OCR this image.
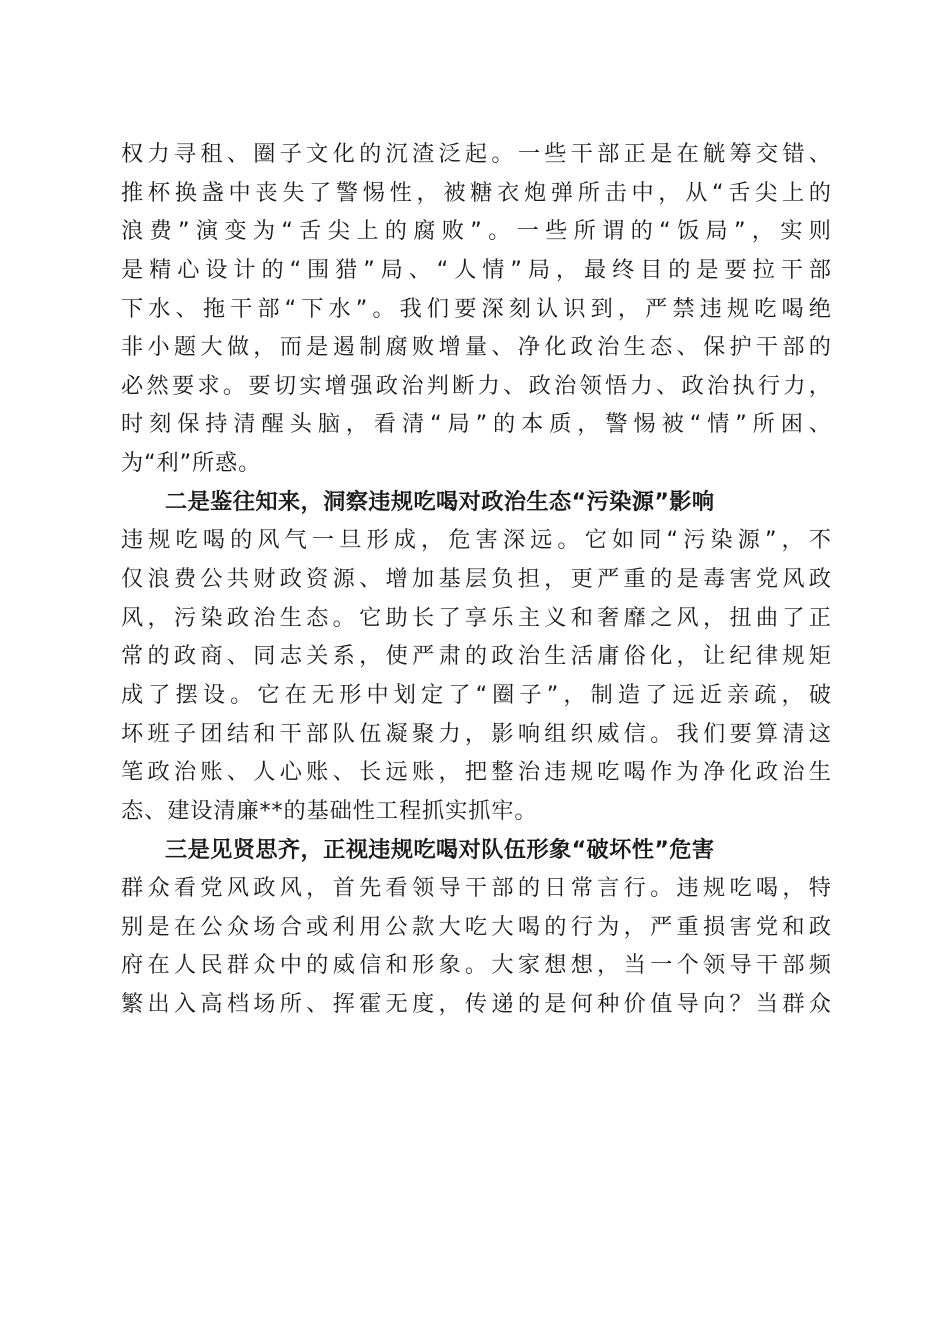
权力寻租、圈子文化的沉渣泛起。一些干部正是在觥筹交错、
推杯换盏中丧失了警惕性，被糖衣炮弹所击中，从“舌尖上的
浪费”演变为“舌尖上的腐败”。一些所谓的“饭局”，实则
是精心设计的“围猎”局、“人情”局，最终目的是要拉干部
下水、拖干部“下水”。我们要深刻认识到，严禁违规吃喝绝
非小题大做，而是遏制腐败增量、净化政治生态、保护干部的
必然要求。要切实增强政治判断力、政治领悟力、政治执行力，
时刻保持清醒头脑，看清“局”的本质，警惕被“情”所困、
为“利”所惑。
二是鉴往知来，洞察违规吃喝对政治生态“污染源”影响
违规吃喝的风气一旦形成，危害深远。它如同“污染源”，不
仅浪费公共财政资源、增加基层负担，更严重的是毒害党风政
风，污染政治生态。它助长了享乐主义和奢靡之风，扭曲了正
常的政商、同志关系，使严肃的政治生活庸俗化，让纪律规矩
成了摆设。它在无形中划定了“圈子”，制造了远近亲疏，破
坏班子团结和干部队伍凝聚力，影响组织威信。我们要算清这
笔政治账、人心账、长远账，把整治违规吃喝作为净化政治生
态、建设清廉**的基础性工程抓实抓牢。
三是见贤思齐，正视违规吃喝对队伍形象“破坏性”危害
群众看党风政风，首先看领导干部的日常言行。违规吃喝，特
别是在公众场合或利用公款大吃大喝的行为，严重损害党和政
府在人民群众中的威信和形象。大家想想，当一个领导干部频
繁出入高档场所、挥霍无度，传递的是何种价值导向？当群众
